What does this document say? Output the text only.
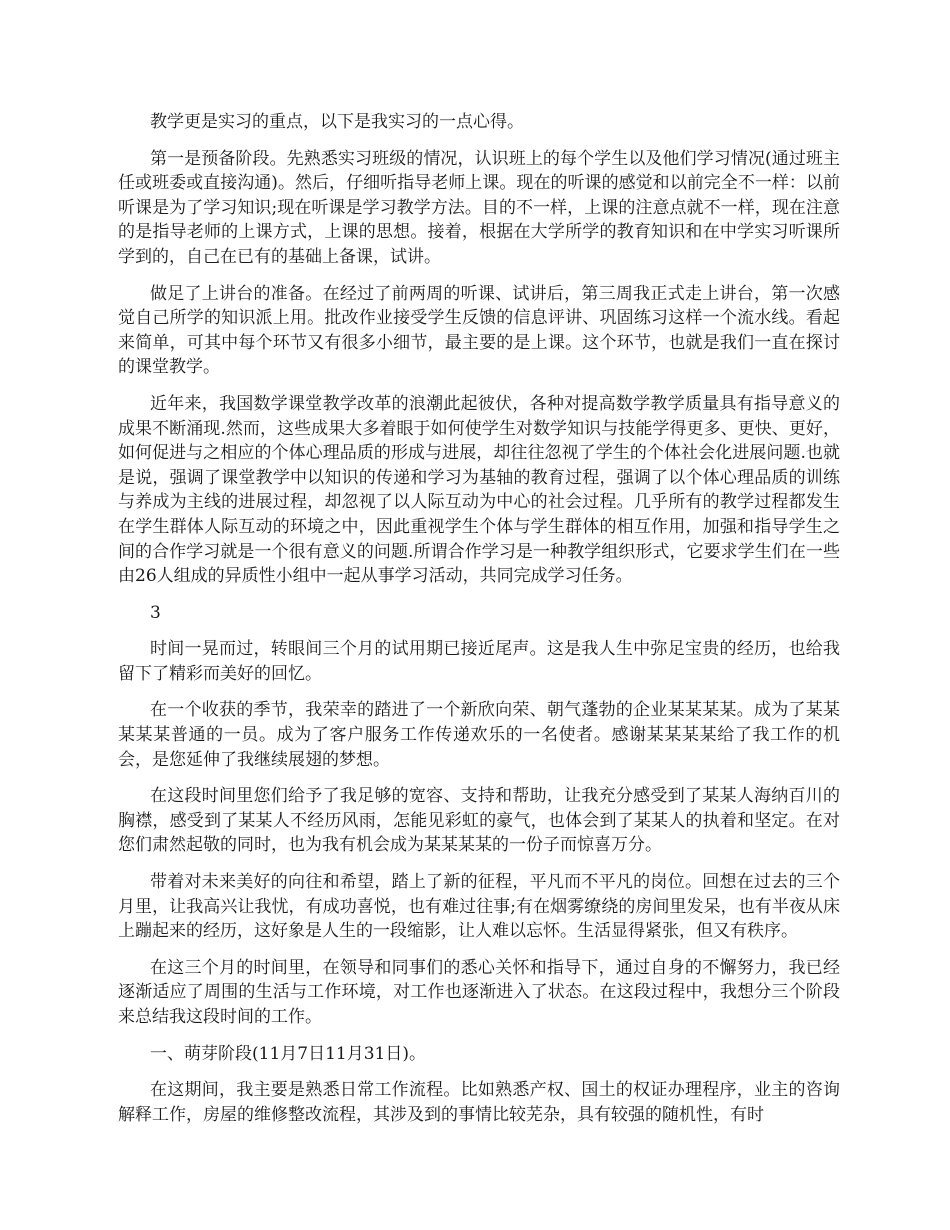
教学更是实习的重点，以下是我实习的一点心得。

第一是预备阶段。先熟悉实习班级的情况，认识班上的每个学生以及他们学习情况(通过班主任或班委或直接沟通)。然后，仔细听指导老师上课。现在的听课的感觉和以前完全不一样：以前听课是为了学习知识;现在听课是学习教学方法。目的不一样，上课的注意点就不一样，现在注意的是指导老师的上课方式，上课的思想。接着，根据在大学所学的教育知识和在中学实习听课所学到的，自己在已有的基础上备课，试讲。

做足了上讲台的准备。在经过了前两周的听课、试讲后，第三周我正式走上讲台，第一次感觉自己所学的知识派上用。批改作业接受学生反馈的信息评讲、巩固练习这样一个流水线。看起来简单，可其中每个环节又有很多小细节，最主要的是上课。这个环节，也就是我们一直在探讨的课堂教学。

近年来，我国数学课堂教学改革的浪潮此起彼伏，各种对提高数学教学质量具有指导意义的成果不断涌现.然而，这些成果大多着眼于如何使学生对数学知识与技能学得更多、更快、更好，如何促进与之相应的个体心理品质的形成与进展，却往往忽视了学生的个体社会化进展问题.也就是说，强调了课堂教学中以知识的传递和学习为基轴的教育过程，强调了以个体心理品质的训练与养成为主线的进展过程，却忽视了以人际互动为中心的社会过程。几乎所有的教学过程都发生在学生群体人际互动的环境之中，因此重视学生个体与学生群体的相互作用，加强和指导学生之间的合作学习就是一个很有意义的问题.所谓合作学习是一种教学组织形式，它要求学生们在一些由26人组成的异质性小组中一起从事学习活动，共同完成学习任务。

3

时间一晃而过，转眼间三个月的试用期已接近尾声。这是我人生中弥足宝贵的经历，也给我留下了精彩而美好的回忆。

在一个收获的季节，我荣幸的踏进了一个新欣向荣、朝气蓬勃的企业某某某某。成为了某某某某某普通的一员。成为了客户服务工作传递欢乐的一名使者。感谢某某某某给了我工作的机会，是您延伸了我继续展翅的梦想。

在这段时间里您们给予了我足够的宽容、支持和帮助，让我充分感受到了某某人海纳百川的胸襟，感受到了某某人不经历风雨，怎能见彩虹的豪气，也体会到了某某人的执着和坚定。在对您们肃然起敬的同时，也为我有机会成为某某某某的一份子而惊喜万分。

带着对未来美好的向往和希望，踏上了新的征程，平凡而不平凡的岗位。回想在过去的三个月里，让我高兴让我忧，有成功喜悦，也有难过往事;有在烟雾缭绕的房间里发呆，也有半夜从床上蹦起来的经历，这好象是人生的一段缩影，让人难以忘怀。生活显得紧张，但又有秩序。

在这三个月的时间里，在领导和同事们的悉心关怀和指导下，通过自身的不懈努力，我已经逐渐适应了周围的生活与工作环境，对工作也逐渐进入了状态。在这段过程中，我想分三个阶段来总结我这段时间的工作。

一、萌芽阶段(11月7日11月31日)。

在这期间，我主要是熟悉日常工作流程。比如熟悉产权、国土的权证办理程序，业主的咨询解释工作，房屋的维修整改流程，其涉及到的事情比较芜杂，具有较强的随机性，有时
